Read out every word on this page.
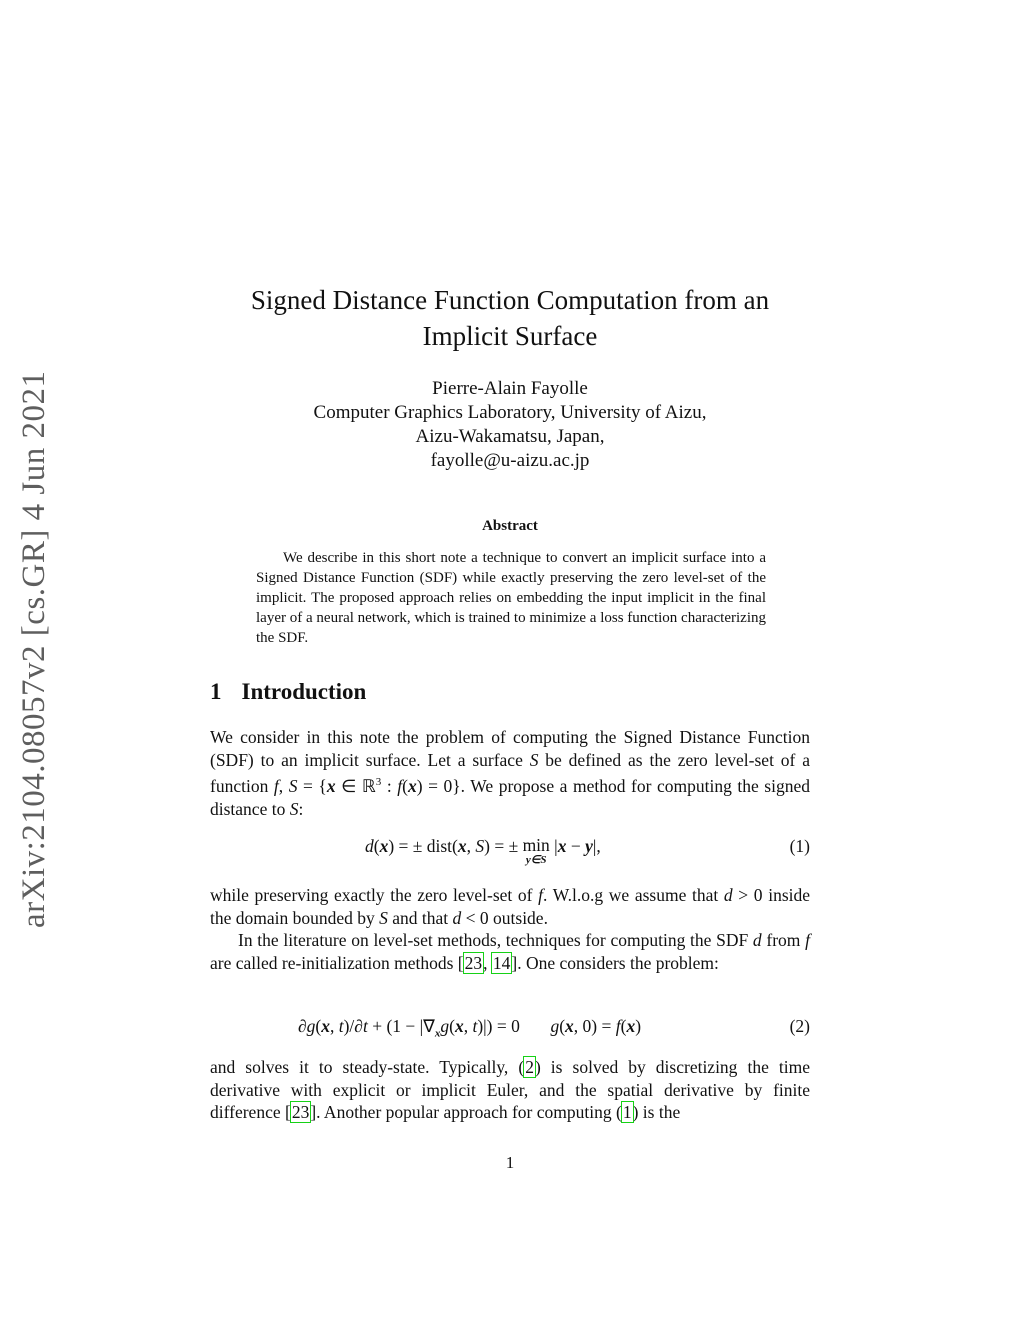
arXiv:2104.08057v2 [cs.GR] 4 Jun 2021
Signed Distance Function Computation from an
Implicit Surface
Pierre-Alain Fayolle
Computer Graphics Laboratory, University of Aizu,
Aizu-Wakamatsu, Japan,
fayolle@u-aizu.ac.jp
Abstract
We describe in this short note a technique to convert an implicit surface into a Signed Distance Function (SDF) while exactly preserving the zero level-set of the implicit. The proposed approach relies on embedding the input implicit in the final layer of a neural network, which is trained to minimize a loss function characterizing the SDF.
1 Introduction

We consider in this note the problem of computing the Signed Distance Function (SDF) to an implicit surface. Let a surface S be defined as the zero level-set of a function f, S = {x ∈ ℝ$^3$ : f(x) = 0}. We propose a method for computing the signed distance to S:

d(x) = ± dist(x, S) = ± min
y∈S
|x − y|,	(1)

while preserving exactly the zero level-set of f. W.l.o.g we assume that d > 0 inside the domain bounded by S and that d < 0 outside.

In the literature on level-set methods, techniques for computing the SDF d from f are called re-initialization methods [23, 14]. One considers the problem:

∂g(x, $t)/\partial t + (1 - |\nabla_xg(x$, t)|) = 0       g(x, 0) = f(x)	(2)

and solves it to steady-state. Typically, (2) is solved by discretizing the time derivative with explicit or implicit Euler, and the spatial derivative by finite difference [23]. Another popular approach for computing (1) is the

1
